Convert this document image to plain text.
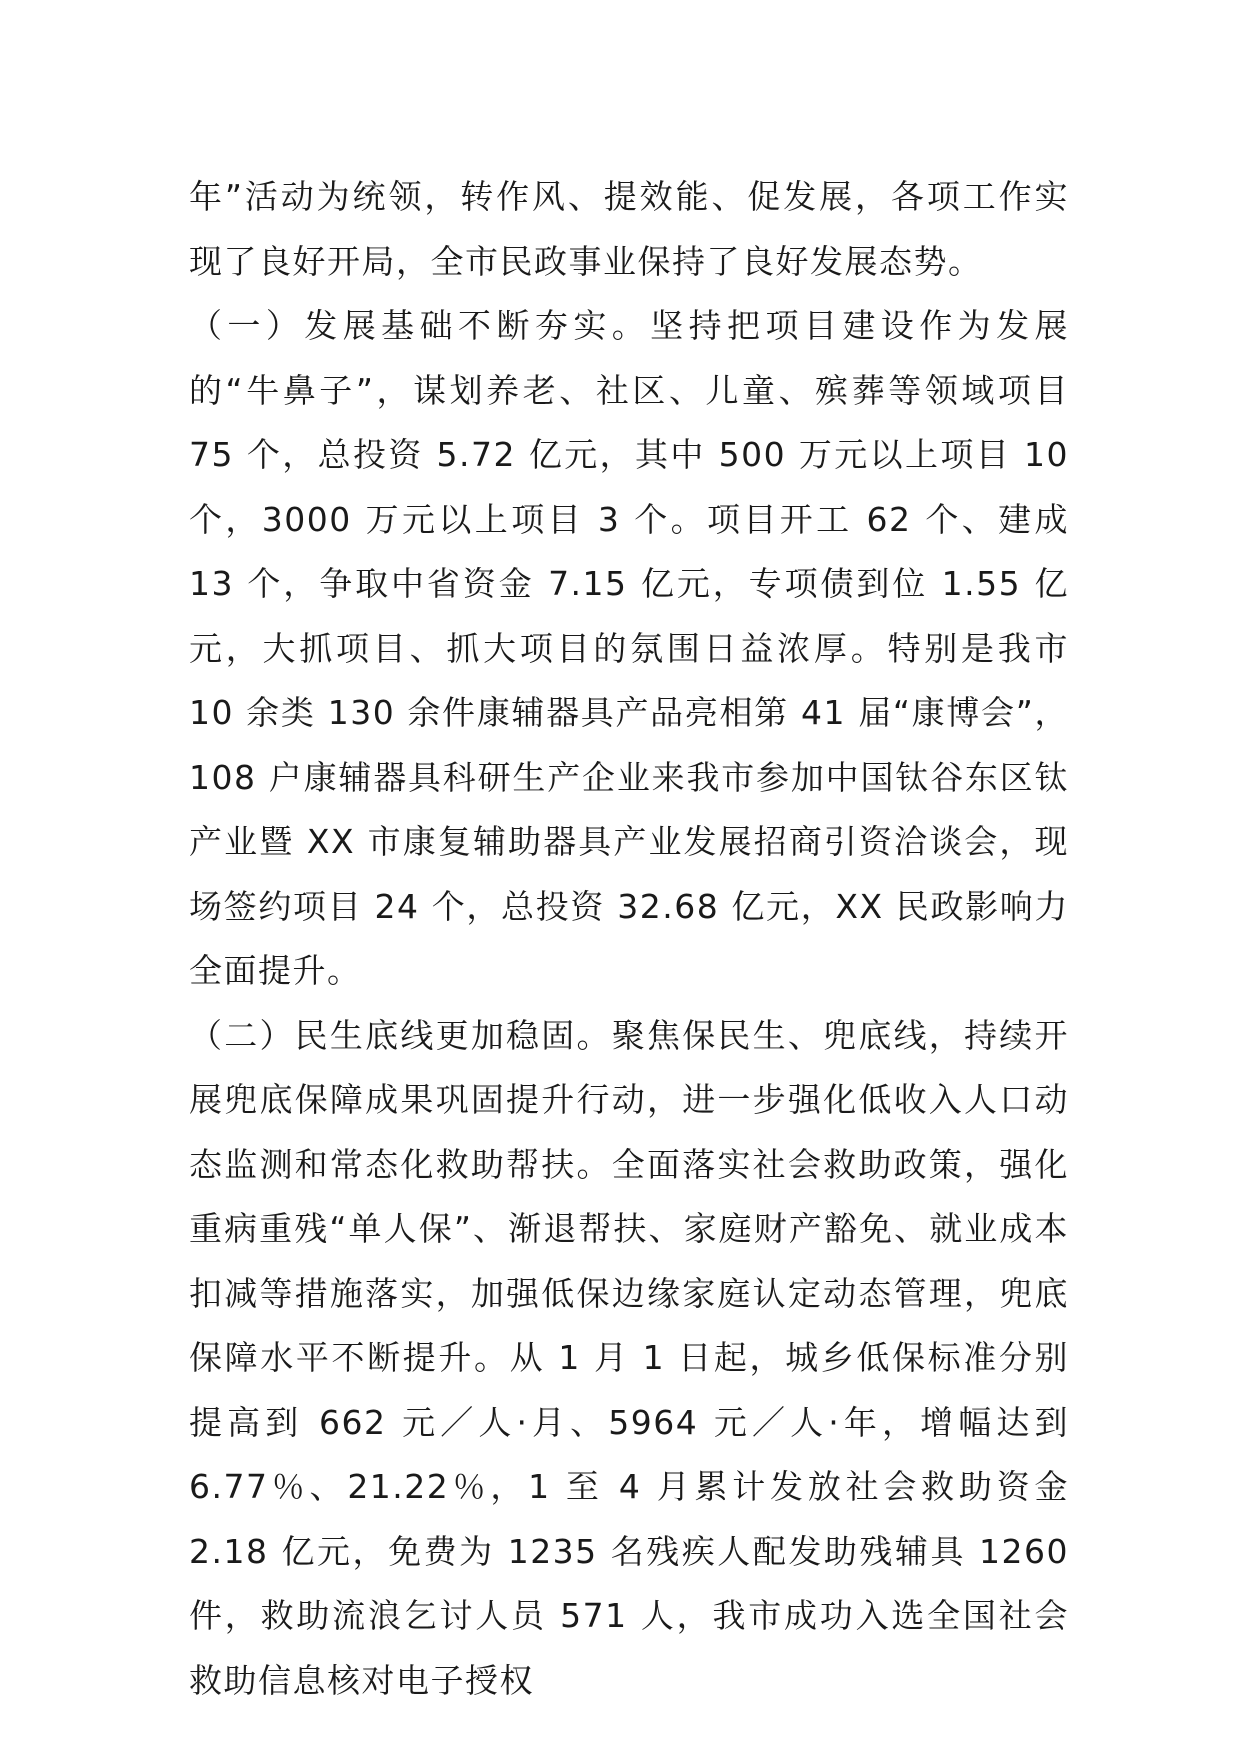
年”活动为统领，转作风、提效能、促发展，各项工作实现了良好开局，全市民政事业保持了良好发展态势。

（一）发展基础不断夯实。坚持把项目建设作为发展的“牛鼻子”，谋划养老、社区、儿童、殡葬等领域项目 75 个，总投资 5.72 亿元，其中 500 万元以上项目 10 个，3000 万元以上项目 3 个。项目开工 62 个、建成 13 个，争取中省资金 7.15 亿元，专项债到位 1.55 亿元，大抓项目、抓大项目的氛围日益浓厚。特别是我市 10 余类 130 余件康辅器具产品亮相第 41 届“康博会”，108 户康辅器具科研生产企业来我市参加中国钛谷东区钛产业暨 XX 市康复辅助器具产业发展招商引资洽谈会，现场签约项目 24 个，总投资 32.68 亿元，XX 民政影响力全面提升。

（二）民生底线更加稳固。聚焦保民生、兜底线，持续开展兜底保障成果巩固提升行动，进一步强化低收入人口动态监测和常态化救助帮扶。全面落实社会救助政策，强化重病重残“单人保”、渐退帮扶、家庭财产豁免、就业成本扣减等措施落实，加强低保边缘家庭认定动态管理，兜底保障水平不断提升。从 1 月 1 日起，城乡低保标准分别提高到 662 元／人·月、5964 元／人·年，增幅达到 6.77％、21.22％，1 至 4 月累计发放社会救助资金 2.18 亿元，免费为 1235 名残疾人配发助残辅具 1260 件，救助流浪乞讨人员 571 人，我市成功入选全国社会救助信息核对电子授权
